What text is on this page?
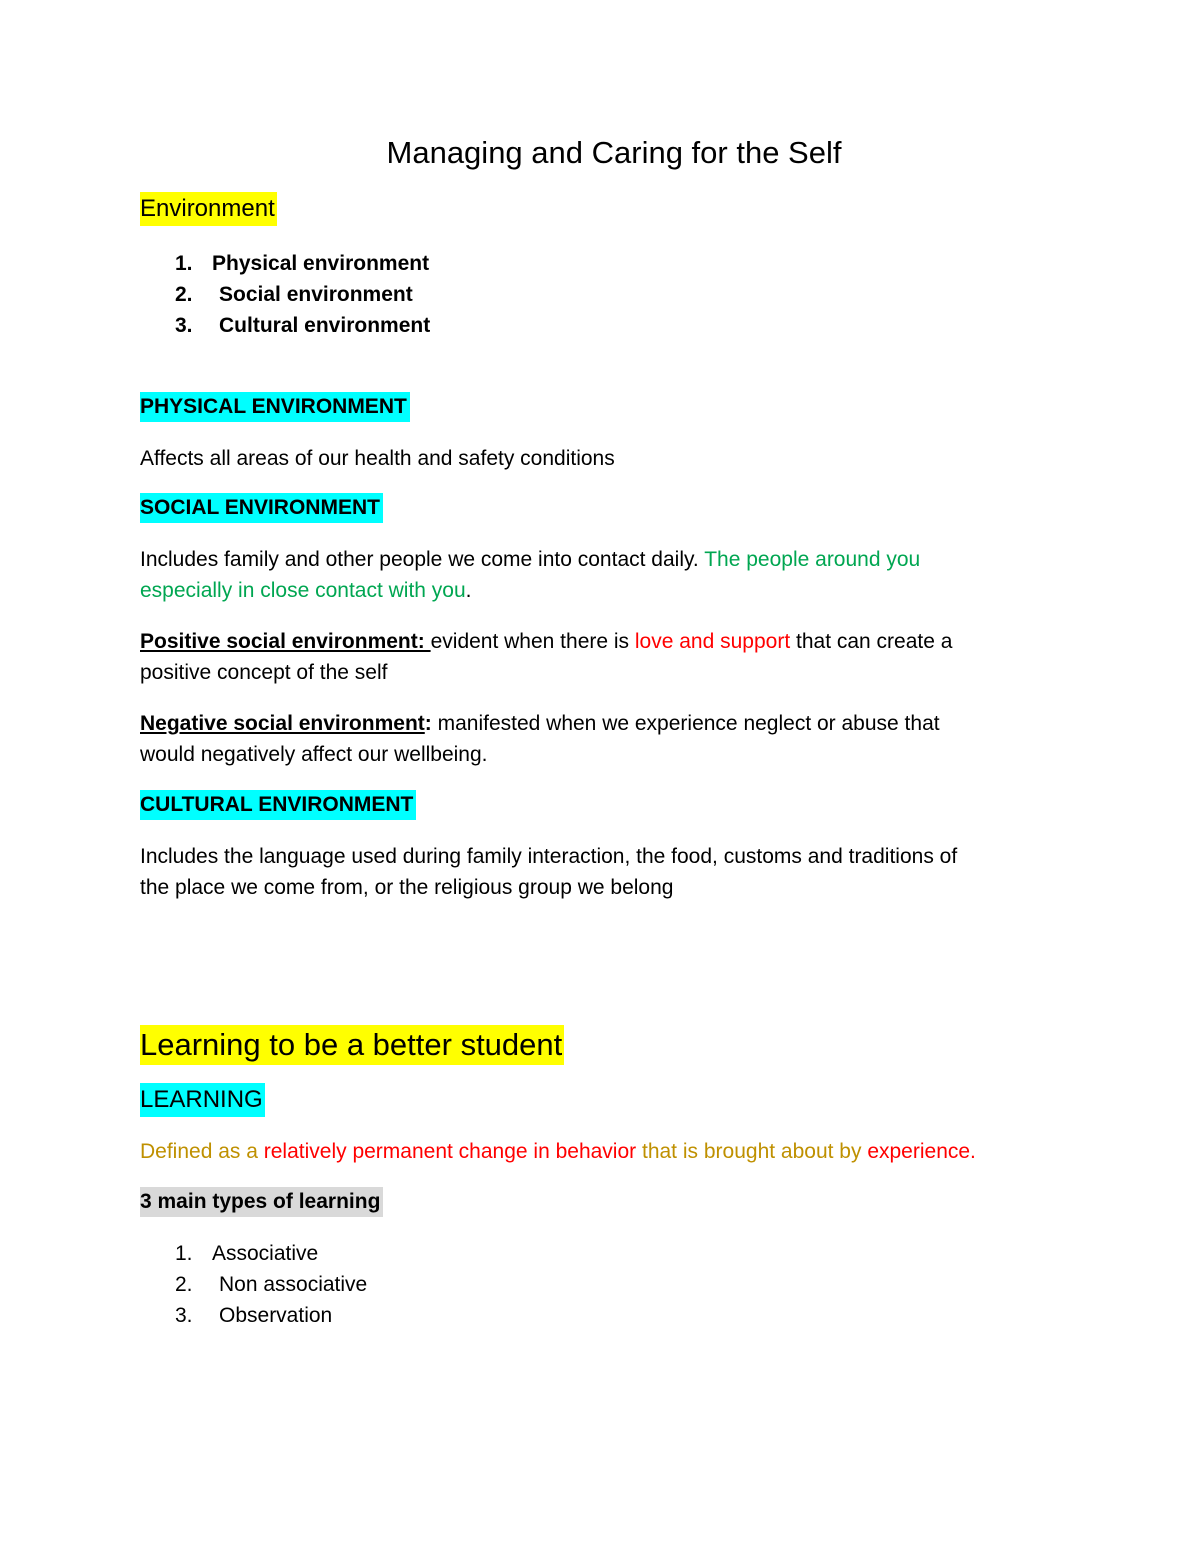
Managing and Caring for the Self
Environment
1. Physical environment
2. Social environment
3. Cultural environment
PHYSICAL ENVIRONMENT
Affects all areas of our health and safety conditions
SOCIAL ENVIRONMENT
Includes family and other people we come into contact daily. The people around you
especially in close contact with you.
Positive social environment: evident when there is love and support that can create a
positive concept of the self
Negative social environment: manifested when we experience neglect or abuse that
would negatively affect our wellbeing.
CULTURAL ENVIRONMENT
Includes the language used during family interaction, the food, customs and traditions of
the place we come from, or the religious group we belong
Learning to be a better student
LEARNING
Defined as a relatively permanent change in behavior that is brought about by experience.
3 main types of learning
1. Associative
2. Non associative
3. Observation
